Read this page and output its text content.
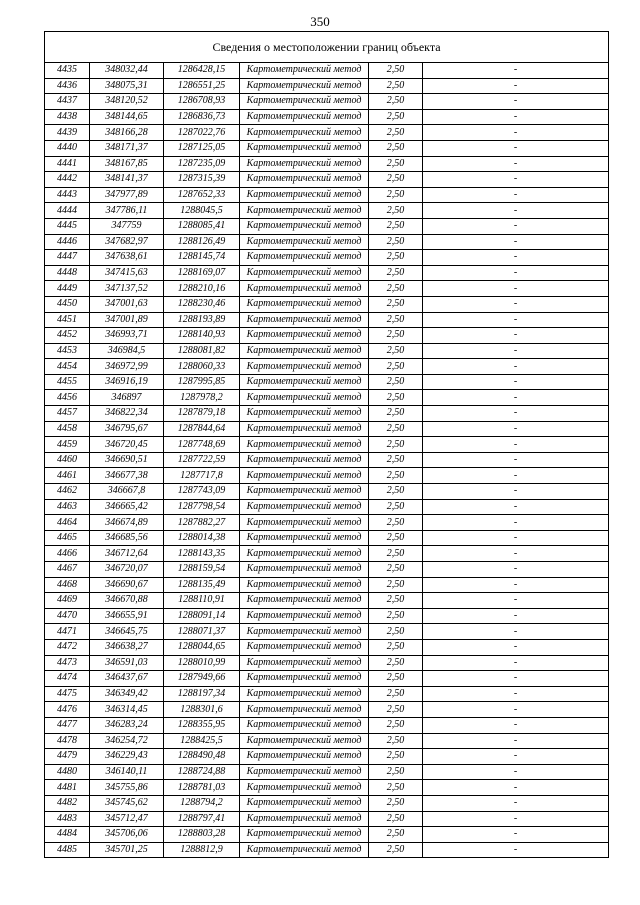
350
Сведения о местоположении границ объекта					
4435	348032,44	1286428,15	Картометрический метод	2,50	-
4436	348075,31	1286551,25	Картометрический метод	2,50	-
4437	348120,52	1286708,93	Картометрический метод	2,50	-
4438	348144,65	1286836,73	Картометрический метод	2,50	-
4439	348166,28	1287022,76	Картометрический метод	2,50	-
4440	348171,37	1287125,05	Картометрический метод	2,50	-
4441	348167,85	1287235,09	Картометрический метод	2,50	-
4442	348141,37	1287315,39	Картометрический метод	2,50	-
4443	347977,89	1287652,33	Картометрический метод	2,50	-
4444	347786,11	1288045,5	Картометрический метод	2,50	-
4445	347759	1288085,41	Картометрический метод	2,50	-
4446	347682,97	1288126,49	Картометрический метод	2,50	-
4447	347638,61	1288145,74	Картометрический метод	2,50	-
4448	347415,63	1288169,07	Картометрический метод	2,50	-
4449	347137,52	1288210,16	Картометрический метод	2,50	-
4450	347001,63	1288230,46	Картометрический метод	2,50	-
4451	347001,89	1288193,89	Картометрический метод	2,50	-
4452	346993,71	1288140,93	Картометрический метод	2,50	-
4453	346984,5	1288081,82	Картометрический метод	2,50	-
4454	346972,99	1288060,33	Картометрический метод	2,50	-
4455	346916,19	1287995,85	Картометрический метод	2,50	-
4456	346897	1287978,2	Картометрический метод	2,50	-
4457	346822,34	1287879,18	Картометрический метод	2,50	-
4458	346795,67	1287844,64	Картометрический метод	2,50	-
4459	346720,45	1287748,69	Картометрический метод	2,50	-
4460	346690,51	1287722,59	Картометрический метод	2,50	-
4461	346677,38	1287717,8	Картометрический метод	2,50	-
4462	346667,8	1287743,09	Картометрический метод	2,50	-
4463	346665,42	1287798,54	Картометрический метод	2,50	-
4464	346674,89	1287882,27	Картометрический метод	2,50	-
4465	346685,56	1288014,38	Картометрический метод	2,50	-
4466	346712,64	1288143,35	Картометрический метод	2,50	-
4467	346720,07	1288159,54	Картометрический метод	2,50	-
4468	346690,67	1288135,49	Картометрический метод	2,50	-
4469	346670,88	1288110,91	Картометрический метод	2,50	-
4470	346655,91	1288091,14	Картометрический метод	2,50	-
4471	346645,75	1288071,37	Картометрический метод	2,50	-
4472	346638,27	1288044,65	Картометрический метод	2,50	-
4473	346591,03	1288010,99	Картометрический метод	2,50	-
4474	346437,67	1287949,66	Картометрический метод	2,50	-
4475	346349,42	1288197,34	Картометрический метод	2,50	-
4476	346314,45	1288301,6	Картометрический метод	2,50	-
4477	346283,24	1288355,95	Картометрический метод	2,50	-
4478	346254,72	1288425,5	Картометрический метод	2,50	-
4479	346229,43	1288490,48	Картометрический метод	2,50	-
4480	346140,11	1288724,88	Картометрический метод	2,50	-
4481	345755,86	1288781,03	Картометрический метод	2,50	-
4482	345745,62	1288794,2	Картометрический метод	2,50	-
4483	345712,47	1288797,41	Картометрический метод	2,50	-
4484	345706,06	1288803,28	Картометрический метод	2,50	-
4485	345701,25	1288812,9	Картометрический метод	2,50	-
